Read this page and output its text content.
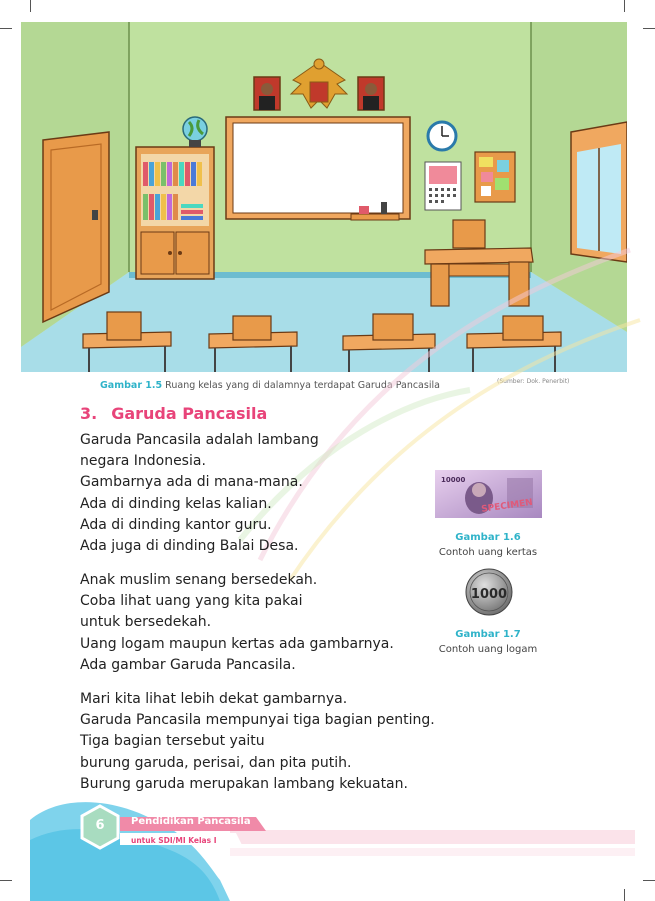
Gambar 1.5 Ruang kelas yang di dalamnya terdapat Garuda Pancasila	(Sumber: Dok. Penerbit)
3. Garuda Pancasila
Garuda Pancasila adalah lambang
negara Indonesia.
Gambarnya ada di mana-mana.
Ada di dinding kelas kalian.
Ada di dinding kantor guru.
Ada juga di dinding Balai Desa.
Anak muslim senang bersedekah.
Coba lihat uang yang kita pakai
untuk bersedekah.
Uang logam maupun kertas ada gambarnya.
Ada gambar Garuda Pancasila.
Mari kita lihat lebih dekat gambarnya.
Garuda Pancasila mempunyai tiga bagian penting.
Tiga bagian tersebut yaitu
burung garuda, perisai, dan pita putih.
Burung garuda merupakan lambang kekuatan.
10000
SPECIMEN
Gambar 1.6
Contoh uang kertas
1000
Gambar 1.7
Contoh uang logam
6	Pendidikan Pancasila
untuk SDI/MI Kelas I
